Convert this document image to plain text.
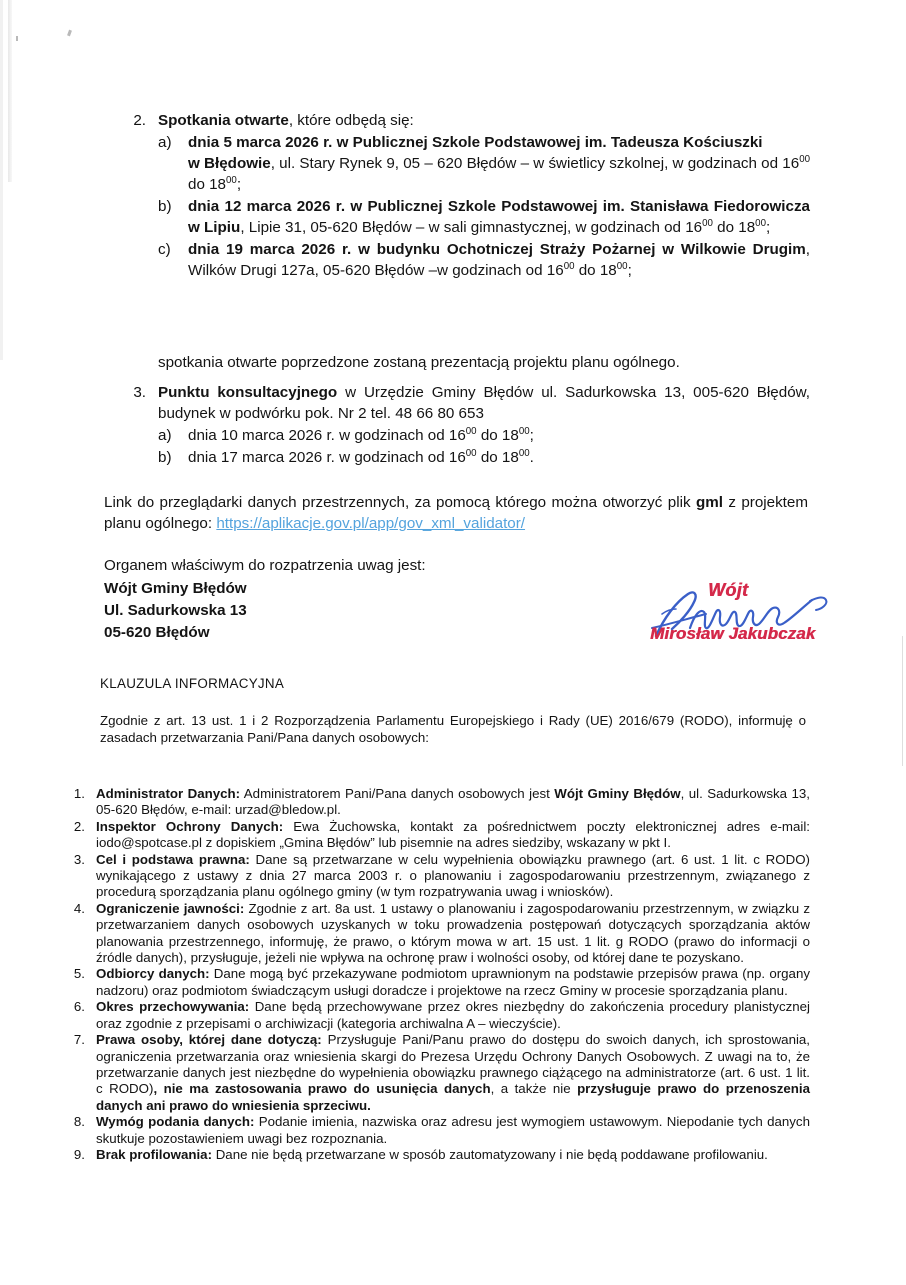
2. Spotkania otwarte, które odbędą się:
a)	dnia 5 marca 2026 r. w Publicznej Szkole Podstawowej im. Tadeusza Kościuszki
w Błędowie, ul. Stary Rynek 9, 05 – 620 Błędów – w świetlicy szkolnej, w godzinach od $16^{00}$ do $18^{00}$;
b)	dnia 12 marca 2026 r. w Publicznej Szkole Podstawowej im. Stanisława Fiedorowicza w Lipiu, Lipie 31, 05-620 Błędów – w sali gimnastycznej, w godzinach od $16^{00}$ do $18^{00}$;
c)	dnia 19 marca 2026 r. w budynku Ochotniczej Straży Pożarnej w Wilkowie Drugim, Wilków Drugi 127a, 05-620 Błędów –w godzinach od $16^{00}$ do $18^{00}$;
spotkania otwarte poprzedzone zostaną prezentacją projektu planu ogólnego.
3. Punktu konsultacyjnego w Urzędzie Gminy Błędów ul. Sadurkowska 13, 005-620 Błędów, budynek w podwórku pok. Nr 2 tel. 48 66 80 653
a)	dnia 10 marca 2026 r. w godzinach od $16^{00}$ do $18^{00}$;
b)	dnia 17 marca 2026 r. w godzinach od $16^{00}$ do $18^{00}$.
Link do przeglądarki danych przestrzennych, za pomocą którego można otworzyć plik gml z projektem planu ogólnego: https://aplikacje.gov.pl/app/gov_xml_validator/
Organem właściwym do rozpatrzenia uwag jest:
Wójt Gminy Błędów
Ul. Sadurkowska 13
05-620 Błędów
Wójt
Mirosław Jakubczak
KLAUZULA INFORMACYJNA
Zgodnie z art. 13 ust. 1 i 2 Rozporządzenia Parlamentu Europejskiego i Rady (UE) 2016/679 (RODO), informuję o zasadach przetwarzania Pani/Pana danych osobowych:
1. Administrator Danych: Administratorem Pani/Pana danych osobowych jest Wójt Gminy Błędów, ul. Sadurkowska 13, 05-620 Błędów, e-mail: urzad@bledow.pl.
2. Inspektor Ochrony Danych: Ewa Żuchowska, kontakt za pośrednictwem poczty elektronicznej adres e-mail: iodo@spotcase.pl z dopiskiem „Gmina Błędów” lub pisemnie na adres siedziby, wskazany w pkt I.
3. Cel i podstawa prawna: Dane są przetwarzane w celu wypełnienia obowiązku prawnego (art. 6 ust. 1 lit. c RODO) wynikającego z ustawy z dnia 27 marca 2003 r. o planowaniu i zagospodarowaniu przestrzennym, związanego z procedurą sporządzania planu ogólnego gminy (w tym rozpatrywania uwag i wniosków).
4. Ograniczenie jawności: Zgodnie z art. 8a ust. 1 ustawy o planowaniu i zagospodarowaniu przestrzennym, w związku z przetwarzaniem danych osobowych uzyskanych w toku prowadzenia postępowań dotyczących sporządzania aktów planowania przestrzennego, informuję, że prawo, o którym mowa w art. 15 ust. 1 lit. g RODO (prawo do informacji o źródle danych), przysługuje, jeżeli nie wpływa na ochronę praw i wolności osoby, od której dane te pozyskano.
5. Odbiorcy danych: Dane mogą być przekazywane podmiotom uprawnionym na podstawie przepisów prawa (np. organy nadzoru) oraz podmiotom świadczącym usługi doradcze i projektowe na rzecz Gminy w procesie sporządzania planu.
6. Okres przechowywania: Dane będą przechowywane przez okres niezbędny do zakończenia procedury planistycznej oraz zgodnie z przepisami o archiwizacji (kategoria archiwalna A – wieczyście).
7. Prawa osoby, której dane dotyczą: Przysługuje Pani/Panu prawo do dostępu do swoich danych, ich sprostowania, ograniczenia przetwarzania oraz wniesienia skargi do Prezesa Urzędu Ochrony Danych Osobowych. Z uwagi na to, że przetwarzanie danych jest niezbędne do wypełnienia obowiązku prawnego ciążącego na administratorze (art. 6 ust. 1 lit. c RODO), nie ma zastosowania prawo do usunięcia danych, a także nie przysługuje prawo do przenoszenia danych ani prawo do wniesienia sprzeciwu.
8. Wymóg podania danych: Podanie imienia, nazwiska oraz adresu jest wymogiem ustawowym. Niepodanie tych danych skutkuje pozostawieniem uwagi bez rozpoznania.
9. Brak profilowania: Dane nie będą przetwarzane w sposób zautomatyzowany i nie będą poddawane profilowaniu.
